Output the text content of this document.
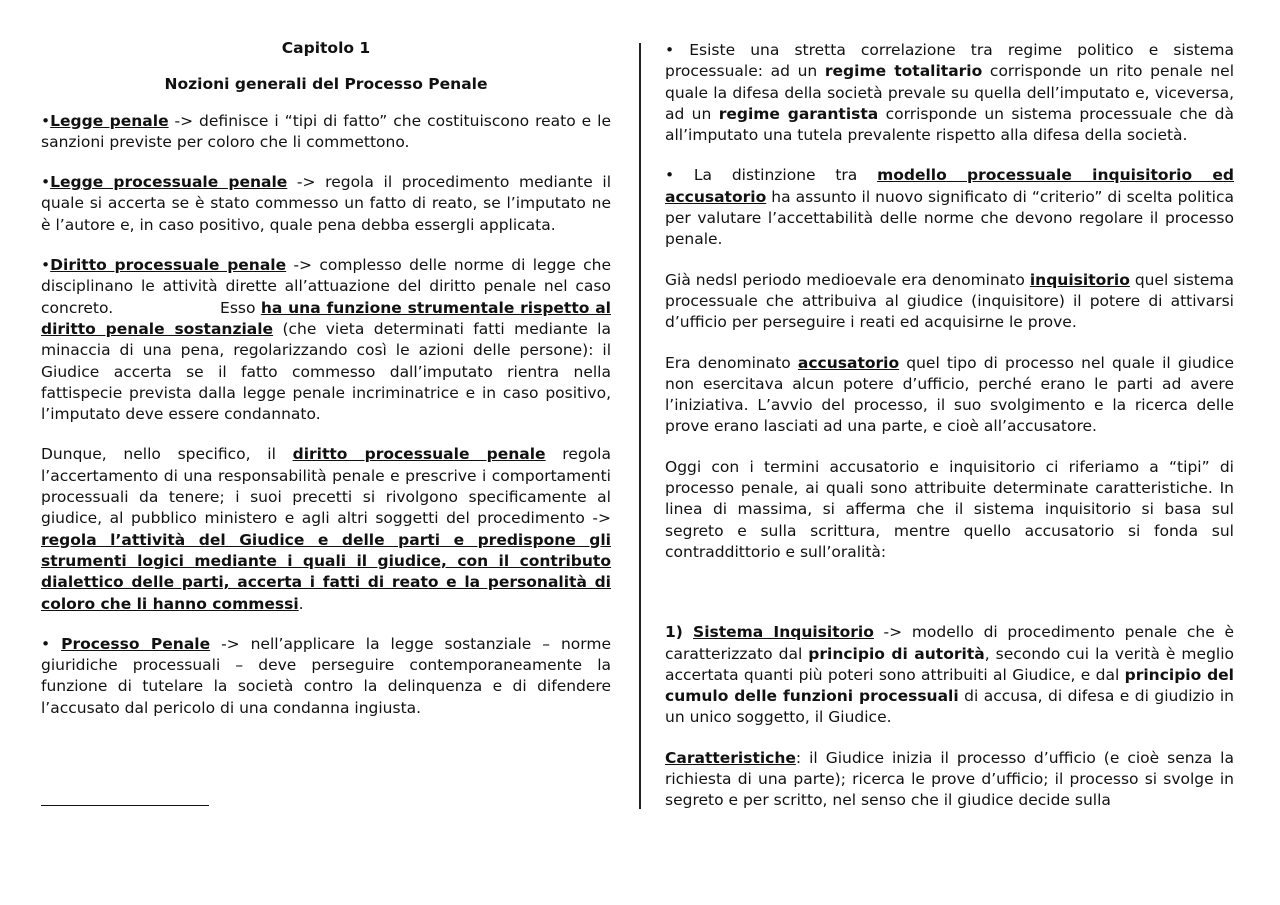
Capitolo 1

Nozioni generali del Processo Penale

•Legge penale -> definisce i “tipi di fatto” che costituiscono reato e le sanzioni previste per coloro che li commettono.

•Legge processuale penale -> regola il procedimento mediante il quale si accerta se è stato commesso un fatto di reato, se l’imputato ne è l’autore e, in caso positivo, quale pena debba essergli applicata.

•Diritto processuale penale -> complesso delle norme di legge che disciplinano le attività dirette all’attuazione del diritto penale nel caso concreto.                    Esso ha una funzione strumentale rispetto al diritto penale sostanziale (che vieta determinati fatti mediante la minaccia di una pena, regolarizzando così le azioni delle persone): il Giudice accerta se il fatto commesso dall’imputato rientra nella fattispecie prevista dalla legge penale incriminatrice e in caso positivo, l’imputato deve essere condannato.

Dunque, nello specifico, il diritto processuale penale regola l’accertamento di una responsabilità penale e prescrive i comportamenti processuali da tenere; i suoi precetti si rivolgono specificamente al giudice, al pubblico ministero e agli altri soggetti del procedimento -> regola l’attività del Giudice e delle parti e predispone gli strumenti logici mediante i quali il giudice, con il contributo dialettico delle parti, accerta i fatti di reato e la personalità di coloro che li hanno commessi.

• Processo Penale -> nell’applicare la legge sostanziale – norme giuridiche processuali – deve perseguire contemporaneamente la funzione di tutelare la società contro la delinquenza e di difendere l’accusato dal pericolo di una condanna ingiusta.

• Esiste una stretta correlazione tra regime politico e sistema processuale: ad un regime totalitario corrisponde un rito penale nel quale la difesa della società prevale su quella dell’imputato e, viceversa, ad un regime garantista corrisponde un sistema processuale che dà all’imputato una tutela prevalente rispetto alla difesa della società.

• La distinzione tra modello processuale inquisitorio ed accusatorio ha assunto il nuovo significato di “criterio” di scelta politica per valutare l’accettabilità delle norme che devono regolare il processo penale.

Già nedsl periodo medioevale era denominato inquisitorio quel sistema processuale che attribuiva al giudice (inquisitore) il potere di attivarsi d’ufficio per perseguire i reati ed acquisirne le prove.

Era denominato accusatorio quel tipo di processo nel quale il giudice non esercitava alcun potere d’ufficio, perché erano le parti ad avere l’iniziativa. L’avvio del processo, il suo svolgimento e la ricerca delle prove erano lasciati ad una parte, e cioè all’accusatore.

Oggi con i termini accusatorio e inquisitorio ci riferiamo a “tipi” di processo penale, ai quali sono attribuite determinate caratteristiche. In linea di massima, si afferma che il sistema inquisitorio si basa sul segreto e sulla scrittura, mentre quello accusatorio si fonda sul contraddittorio e sull’oralità:

1) Sistema Inquisitorio -> modello di procedimento penale che è caratterizzato dal principio di autorità, secondo cui la verità è meglio accertata quanti più poteri sono attribuiti al Giudice, e dal principio del cumulo delle funzioni processuali di accusa, di difesa e di giudizio in un unico soggetto, il Giudice.

Caratteristiche: il Giudice inizia il processo d’ufficio (e cioè senza la richiesta di una parte); ricerca le prove d’ufficio; il processo si svolge in segreto e per scritto, nel senso che il giudice decide sulla
